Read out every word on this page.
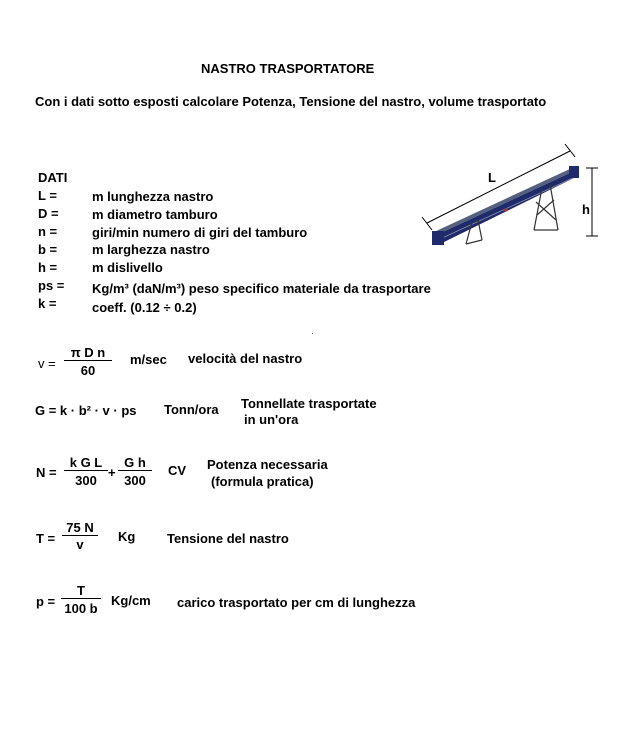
NASTRO TRASPORTATORE
Con i dati sotto esposti calcolare Potenza, Tensione del nastro, volume trasportato
DATI
L =	m lunghezza nastro
D =	m diametro tamburo
n =	giri/min numero di giri del tamburo
b =	m larghezza nastro
h =	m dislivello
ps = Kg/m³ (daN/m³) peso specifico materiale da trasportare
k =	coeff. (0.12 ÷ 0.2)
L
h
v =
π D n
60
m/sec velocità del nastro
G = k · b² · v · ps Tonn/ora Tonnellate trasportate
in un'ora
N =
k G L
300
+
G h
300
CV Potenza necessaria
(formula pratica)
T =
75 N
v
Kg Tensione del nastro
p =
T
100 b
Kg/cm carico trasportato per cm di lunghezza
